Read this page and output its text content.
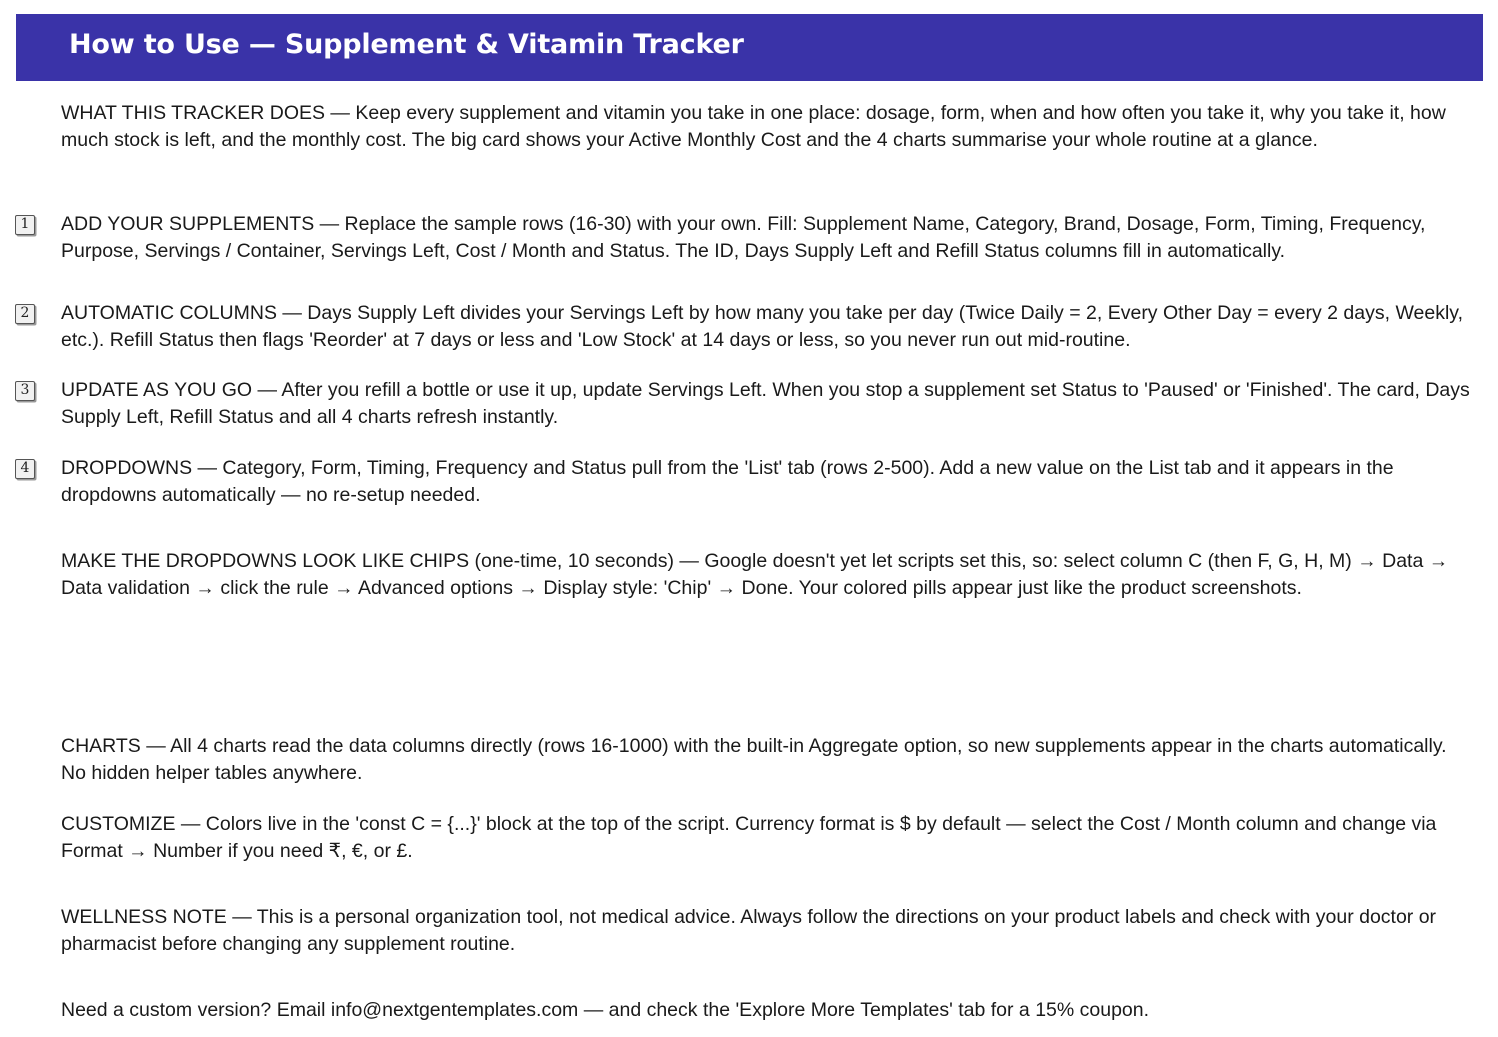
How to Use — Supplement & Vitamin Tracker
WHAT THIS TRACKER DOES — Keep every supplement and vitamin you take in one place: dosage, form, when and how often you take it, why you take it, how much stock is left, and the monthly cost. The big card shows your Active Monthly Cost and the 4 charts summarise your whole routine at a glance.
1 ADD YOUR SUPPLEMENTS — Replace the sample rows (16-30) with your own. Fill: Supplement Name, Category, Brand, Dosage, Form, Timing, Frequency, Purpose, Servings / Container, Servings Left, Cost / Month and Status. The ID, Days Supply Left and Refill Status columns fill in automatically.
2 AUTOMATIC COLUMNS — Days Supply Left divides your Servings Left by how many you take per day (Twice Daily = 2, Every Other Day = every 2 days, Weekly, etc.). Refill Status then flags 'Reorder' at 7 days or less and 'Low Stock' at 14 days or less, so you never run out mid-routine.
3 UPDATE AS YOU GO — After you refill a bottle or use it up, update Servings Left. When you stop a supplement set Status to 'Paused' or 'Finished'. The card, Days Supply Left, Refill Status and all 4 charts refresh instantly.
4 DROPDOWNS — Category, Form, Timing, Frequency and Status pull from the 'List' tab (rows 2-500). Add a new value on the List tab and it appears in the dropdowns automatically — no re-setup needed.
MAKE THE DROPDOWNS LOOK LIKE CHIPS (one-time, 10 seconds) — Google doesn't yet let scripts set this, so: select column C (then F, G, H, M) → Data → Data validation → click the rule → Advanced options → Display style: 'Chip' → Done. Your colored pills appear just like the product screenshots.
CHARTS — All 4 charts read the data columns directly (rows 16-1000) with the built-in Aggregate option, so new supplements appear in the charts automatically. No hidden helper tables anywhere.
CUSTOMIZE — Colors live in the 'const C = {...}' block at the top of the script. Currency format is $ by default — select the Cost / Month column and change via Format → Number if you need ₹, €, or £.
WELLNESS NOTE — This is a personal organization tool, not medical advice. Always follow the directions on your product labels and check with your doctor or pharmacist before changing any supplement routine.
Need a custom version? Email info@nextgentemplates.com — and check the 'Explore More Templates' tab for a 15% coupon.
